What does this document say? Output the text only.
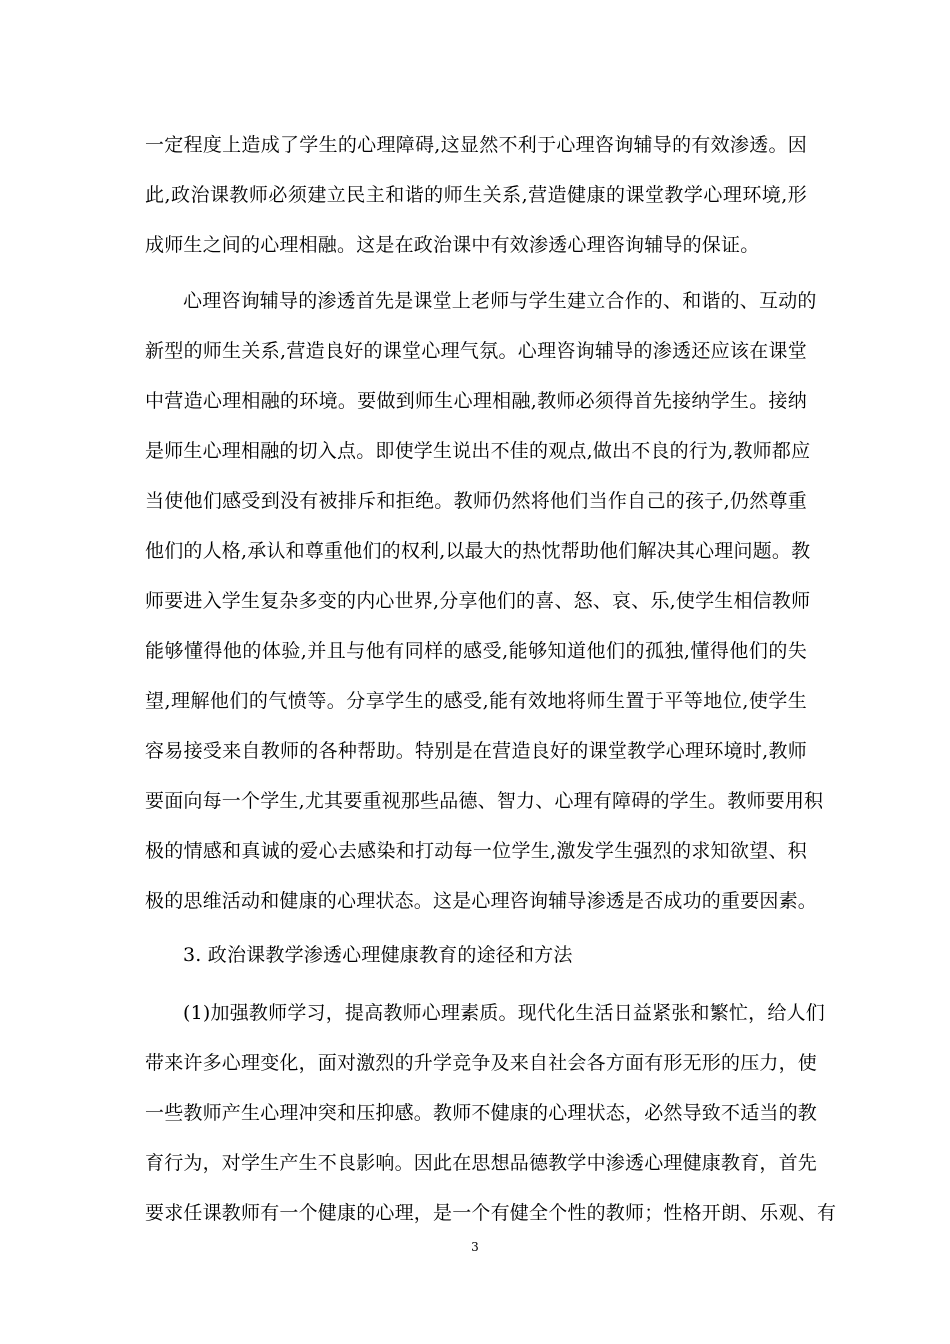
一定程度上造成了学生的心理障碍,这显然不利于心理咨询辅导的有效渗透。因
此,政治课教师必须建立民主和谐的师生关系,营造健康的课堂教学心理环境,形
成师生之间的心理相融。这是在政治课中有效渗透心理咨询辅导的保证。
心理咨询辅导的渗透首先是课堂上老师与学生建立合作的、和谐的、互动的
新型的师生关系,营造良好的课堂心理气氛。心理咨询辅导的渗透还应该在课堂
中营造心理相融的环境。要做到师生心理相融,教师必须得首先接纳学生。接纳
是师生心理相融的切入点。即使学生说出不佳的观点,做出不良的行为,教师都应
当使他们感受到没有被排斥和拒绝。教师仍然将他们当作自己的孩子,仍然尊重
他们的人格,承认和尊重他们的权利,以最大的热忱帮助他们解决其心理问题。教
师要进入学生复杂多变的内心世界,分享他们的喜、怒、哀、乐,使学生相信教师
能够懂得他的体验,并且与他有同样的感受,能够知道他们的孤独,懂得他们的失
望,理解他们的气愤等。分享学生的感受,能有效地将师生置于平等地位,使学生
容易接受来自教师的各种帮助。特别是在营造良好的课堂教学心理环境时,教师
要面向每一个学生,尤其要重视那些品德、智力、心理有障碍的学生。教师要用积
极的情感和真诚的爱心去感染和打动每一位学生,激发学生强烈的求知欲望、积
极的思维活动和健康的心理状态。这是心理咨询辅导渗透是否成功的重要因素。
3. 政治课教学渗透心理健康教育的途径和方法
(1)加强教师学习，提高教师心理素质。现代化生活日益紧张和繁忙，给人们
带来许多心理变化，面对激烈的升学竞争及来自社会各方面有形无形的压力，使
一些教师产生心理冲突和压抑感。教师不健康的心理状态，必然导致不适当的教
育行为，对学生产生不良影响。因此在思想品德教学中渗透心理健康教育，首先
要求任课教师有一个健康的心理，是一个有健全个性的教师；性格开朗、乐观、有
3
